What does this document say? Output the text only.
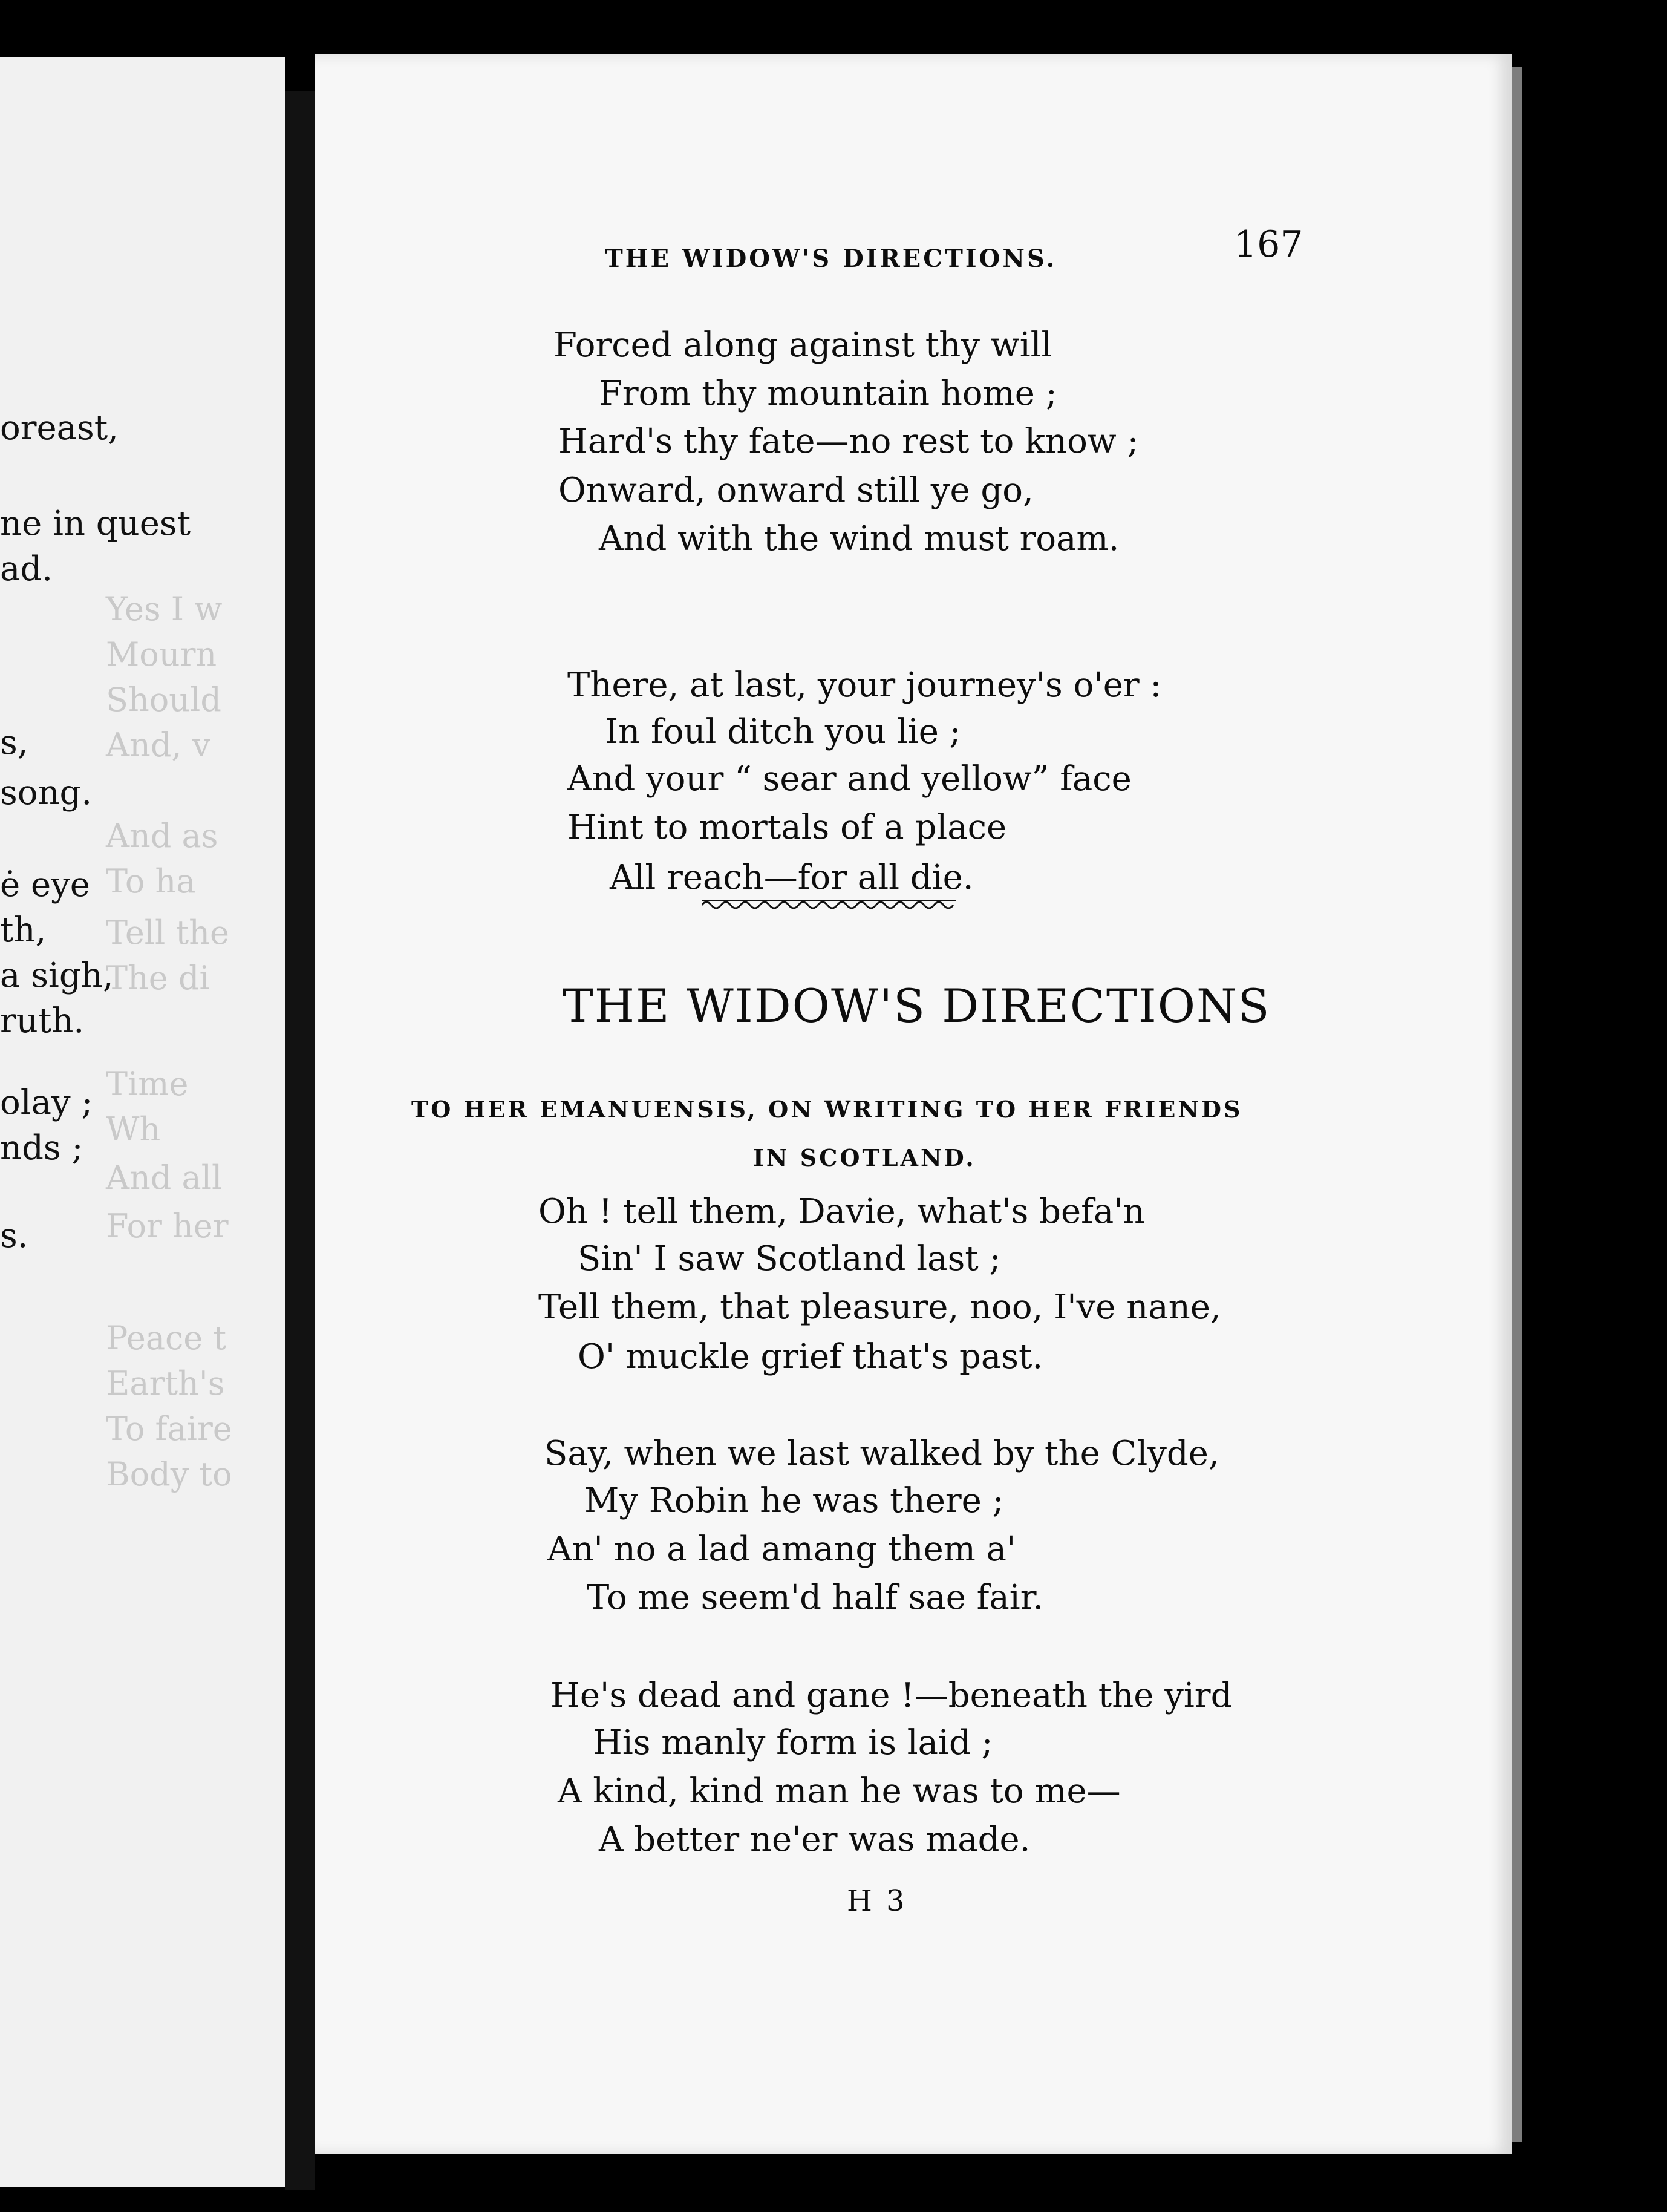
oreast,
ne in quest
ad.
s,
song.
ė eye
th,
a sigh,
ruth.
olay ;
nds ;
s.
Yes I w
Mourn
Should
And, v
And as
To ha
Tell the
The di
Time
Wh
And all
For her
Peace t
Earth's
To faire
Body to
THE WIDOW'S DIRECTIONS.	167
Forced along against thy will
From thy mountain home ;
Hard's thy fate—no rest to know ;
Onward, onward still ye go,
And with the wind must roam.
There, at last, your journey's o'er :
In foul ditch you lie ;
And your “ sear and yellow” face
Hint to mortals of a place
All reach—for all die.
THE WIDOW'S DIRECTIONS
TO HER EMANUENSIS, ON WRITING TO HER FRIENDS
IN SCOTLAND.
Oh ! tell them, Davie, what's befa'n
Sin' I saw Scotland last ;
Tell them, that pleasure, noo, I've nane,
O' muckle grief that's past.
Say, when we last walked by the Clyde,
My Robin he was there ;
An' no a lad amang them a'
To me seem'd half sae fair.
He's dead and gane !—beneath the yird
His manly form is laid ;
A kind, kind man he was to me—
A better ne'er was made.
H 3
